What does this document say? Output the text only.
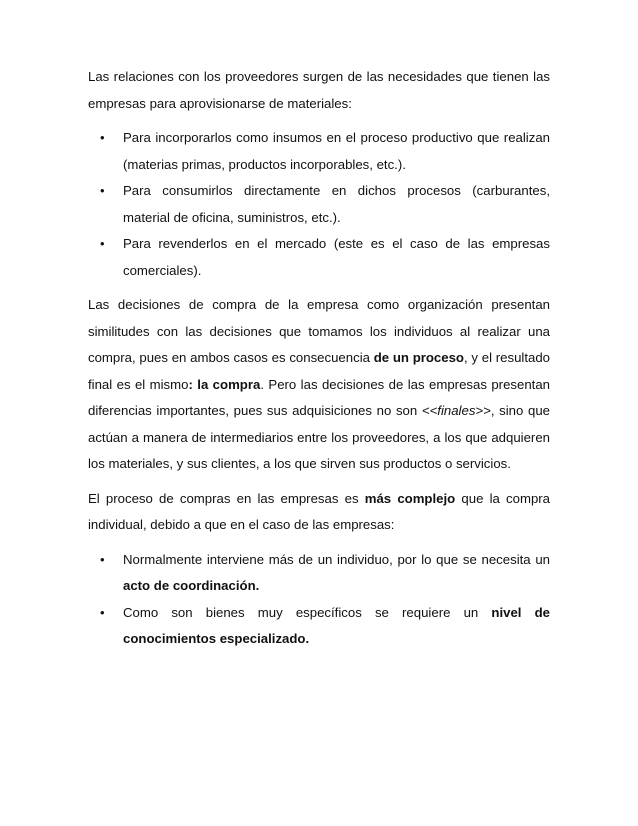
Las relaciones con los proveedores surgen de las necesidades que tienen las empresas para aprovisionarse de materiales:

• Para incorporarlos como insumos en el proceso productivo que realizan (materias primas, productos incorporables, etc.).
• Para consumirlos directamente en dichos procesos (carburantes, material de oficina, suministros, etc.).
• Para revenderlos en el mercado (este es el caso de las empresas comerciales).

Las decisiones de compra de la empresa como organización presentan similitudes con las decisiones que tomamos los individuos al realizar una compra, pues en ambos casos es consecuencia de un proceso, y el resultado final es el mismo: la compra. Pero las decisiones de las empresas presentan diferencias importantes, pues sus adquisiciones no son <<finales>>, sino que actúan a manera de intermediarios entre los proveedores, a los que adquieren los materiales, y sus clientes, a los que sirven sus productos o servicios.

El proceso de compras en las empresas es más complejo que la compra individual, debido a que en el caso de las empresas:

• Normalmente interviene más de un individuo, por lo que se necesita un acto de coordinación.
• Como son bienes muy específicos se requiere un nivel de conocimientos especializado.
